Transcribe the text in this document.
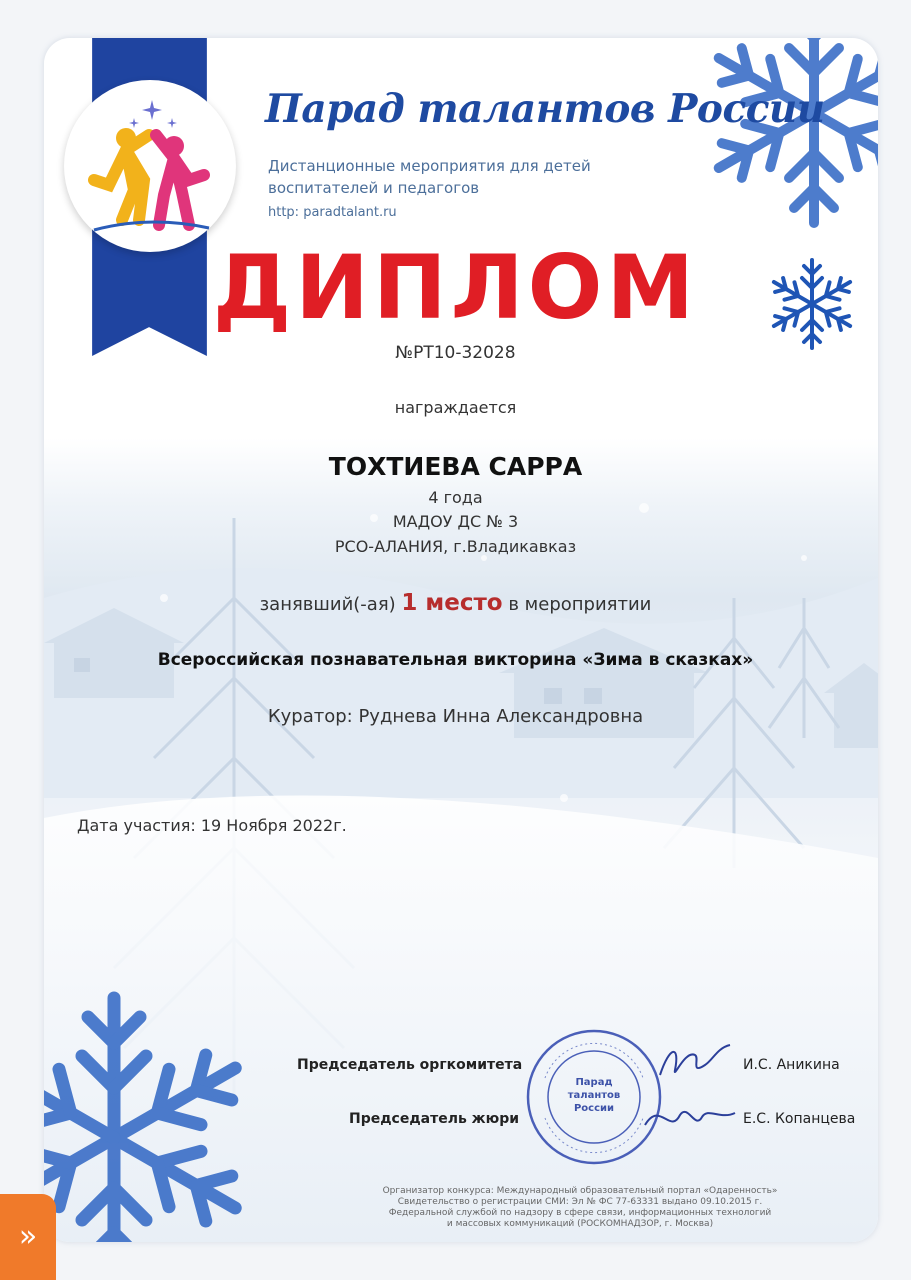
Парад талантов России
Дистанционные мероприятия для детей
воспитателей и педагогов
http: paradtalant.ru
ДИПЛОМ
№РТ10-32028
награждается
ТОХТИЕВА САРРА
4 года
МАДОУ ДС № 3
РСО-АЛАНИЯ, г.Владикавказ
занявший(-ая) 1 место в мероприятии
Всероссийская познавательная викторина «Зима в сказках»
Куратор: Руднева Инна Александровна
Дата участия: 19 Ноября 2022г.
Председатель оргкомитета	И.С. Аникина
Председатель жюри	Е.С. Копанцева
Парад
талантов
России
Организатор конкурса: Международный образовательный портал «Одаренность»
Свидетельство о регистрации СМИ: Эл № ФС 77-63331 выдано 09.10.2015 г.
Федеральной службой по надзору в сфере связи, информационных технологий
и массовых коммуникаций (РОСКОМНАДЗОР, г. Москва)
»
